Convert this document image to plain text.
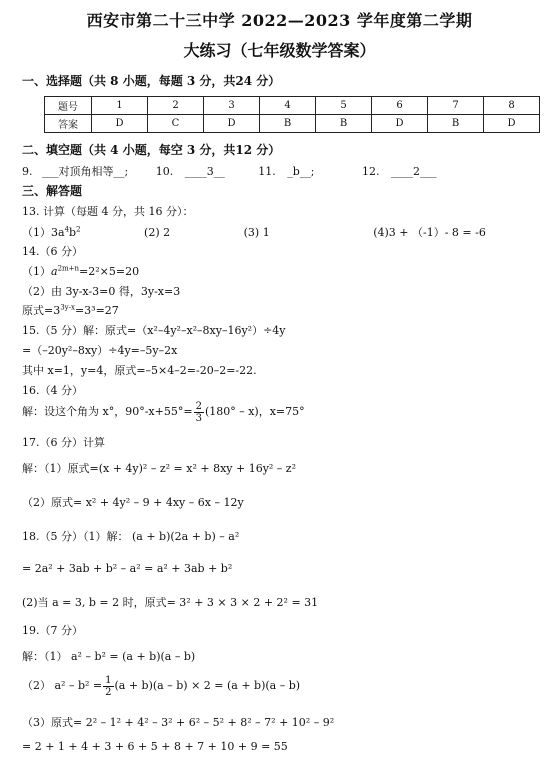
西安市第二十三中学 2022—2023 学年度第二学期
大练习（七年级数学答案）
一、选择题（共 8 小题，每题 3 分，共24 分）
题号	1	2	3	4	5	6	7	8
答案	D	C	D	B	B	D	B	D
二、填空题（共 4 小题，每空 3 分，共12 分）
9. ___对顶角相等__;	10. ____3__	11. _b__;	12. ____2___
三、解答题
13. 计算（每题 4 分，共 16 分）：
$(1)3a^4b^2$	(2) 2	(3) 1	(4)3 + （-1）- 8 = -6
14.（6 分）
$(1)a^{2m+n}=2^2\times 5=20$
（2）由 3y-x-3=0 得，3y-x=3
原式$=3^{3y-x}=3^3=27$
15.（5 分）解：原式=（x²–4y²–x²–8xy–16y²）÷4y
=（–20y²–8xy）÷4y=–5y–2x
其中 x=1，y=4，原式=–5×4–2=-20–2=-22.
16.（4 分）
解：设这个角为 x°，$90^\circ-x+55^\circ= \frac{2}{3} (180^\circ - x)$，x=75°
17.（6 分）计算
解：（1）原式=(x + 4y)² – z² = x² + 8xy + 16y² – z²
（2）原式= x² + 4y² – 9 + 4xy – 6x – 12y
18.（5 分）（1）解： (a + b)(2a + b) – a²
= 2a² + 3ab + b² – a² = a² + 3ab + b²
(2)当 a = 3, b = 2 时，原式= 3² + 3 × 3 × 2 + 2² = 31
19.（7 分）
解：（1） a² – b² = (a + b)(a – b)
（2） $a^2 - b^2 = \frac{1}{2} (a + b)(a - b) \times 2 = (a + b)(a - b)$
（3）原式= 2² – 1² + 4² – 3² + 6² – 5² + 8² – 7² + 10² – 9²
= 2 + 1 + 4 + 3 + 6 + 5 + 8 + 7 + 10 + 9 = 55
